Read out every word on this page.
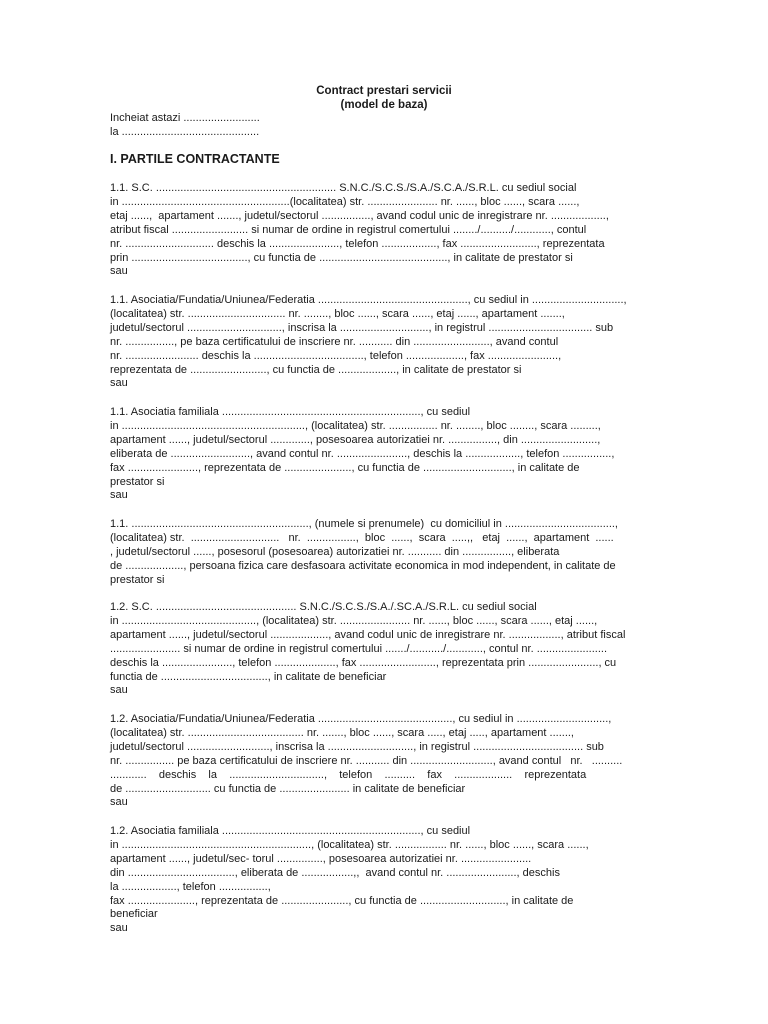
Contract prestari servicii
(model de baza)
Incheiat astazi .........................
la .............................................
I. PARTILE CONTRACTANTE
1.1. S.C. ........................................................... S.N.C./S.C.S./S.A./S.C.A./S.R.L. cu sediul social
in .......................................................(localitatea) str. ....................... nr. ......, bloc ......, scara ......,
etaj ......,  apartament ......., judetul/sectorul ................, avand codul unic de inregistrare nr. ..................,
atribut fiscal ......................... si numar de ordine in registrul comertului ......../........../............, contul
nr. ............................. deschis la ......................., telefon .................., fax ........................., reprezentata
prin ......................................, cu functia de .........................................., in calitate de prestator si
sau
1.1. Asociatia/Fundatia/Uniunea/Federatia ................................................., cu sediul in ..............................,
(localitatea) str. ................................ nr. ........, bloc ......, scara ......, etaj ......, apartament .......,
judetul/sectorul ..............................., inscrisa la ............................., in registrul .................................. sub
nr. ................, pe baza certificatului de inscriere nr. ........... din ........................., avand contul
nr. ........................ deschis la ...................................., telefon ..................., fax .......................,
reprezentata de ........................., cu functia de ..................., in calitate de prestator si
sau
1.1. Asociatia familiala ................................................................., cu sediul
in ............................................................, (localitatea) str. ................ nr. ........, bloc ........, scara .........,
apartament ......, judetul/sectorul ............., posesoarea autorizatiei nr. ................, din .........................,
eliberata de .........................., avand contul nr. ......................., deschis la .................., telefon ................,
fax ......................., reprezentata de ......................, cu functia de ............................., in calitate de
prestator si
sau
1.1. .........................................................., (numele si prenumele)  cu domiciliul in ....................................,
(localitatea) str.  .............................   nr.  ................,  bloc  ......,  scara  .....,,   etaj  ......,  apartament  ......
, judetul/sectorul ......, posesorul (posesoarea) autorizatiei nr. ........... din ................, eliberata
de ..................., persoana fizica care desfasoara activitate economica in mod independent, in calitate de
prestator si
1.2. S.C. .............................................. S.N.C./S.C.S./S.A./.SC.A./S.R.L. cu sediul social
in ............................................, (localitatea) str. ....................... nr. ......, bloc ......, scara ......, etaj ......,
apartament ......, judetul/sectorul ..................., avand codul unic de inregistrare nr. ................., atribut fiscal
....................... si numar de ordine in registrul comertului ......./.........../............, contul nr. .......................
deschis la ......................., telefon ...................., fax ........................., reprezentata prin ......................., cu
functia de ..................................., in calitate de beneficiar
sau
1.2. Asociatia/Fundatia/Uniunea/Federatia ............................................, cu sediul in ..............................,
(localitatea) str. ...................................... nr. ......., bloc ......, scara ....., etaj ....., apartament .......,
judetul/sectorul ..........................., inscrisa la ............................, in registrul .................................... sub
nr. ................ pe baza certificatului de inscriere nr. ........... din ..........................., avand contul   nr.   ..........
............    deschis    la    ...............................,    telefon    ..........    fax    ...................    reprezentata
de ............................ cu functia de ....................... in calitate de beneficiar
sau
1.2. Asociatia familiala ................................................................., cu sediul
in .............................................................., (localitatea) str. ................. nr. ......, bloc ......, scara ......,
apartament ......, judetul/sec- torul ..............., posesoarea autorizatiei nr. .......................
din ..................................., eliberata de .................,,  avand contul nr. ......................., deschis
la .................., telefon ................,
fax ......................, reprezentata de ......................, cu functia de ............................, in calitate de
beneficiar
sau
